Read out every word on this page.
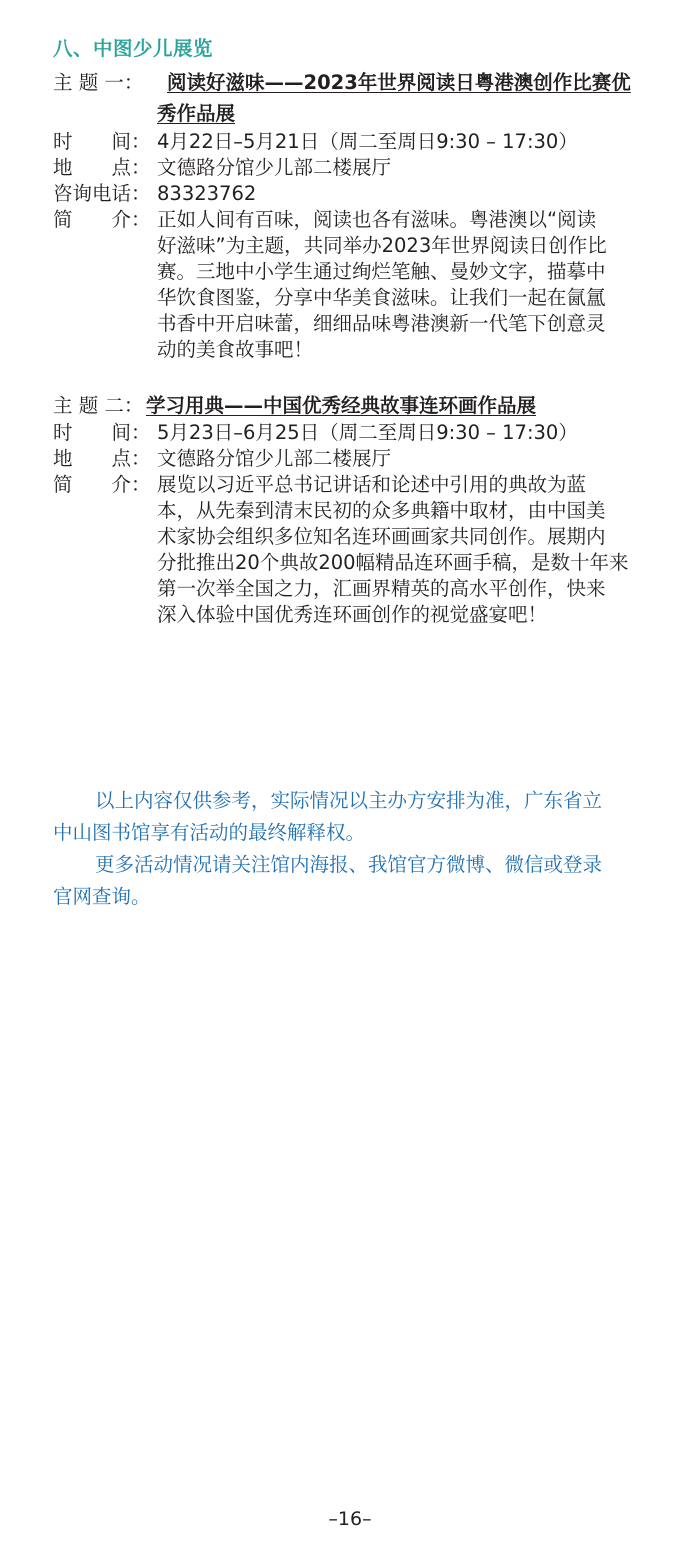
八、中图少儿展览
主 题 一： 阅读好滋味——2023年世界阅读日粤港澳创作比赛优
秀作品展
时　　间： 4月22日–5月21日（周二至周日9:30 – 17:30）
地　　点： 文德路分馆少儿部二楼展厅
咨询电话： 83323762
简　　介： 正如人间有百味，阅读也各有滋味。粤港澳以“阅读
好滋味”为主题，共同举办2023年世界阅读日创作比
赛。三地中小学生通过绚烂笔触、曼妙文字，描摹中
华饮食图鉴，分享中华美食滋味。让我们一起在氤氲
书香中开启味蕾，细细品味粤港澳新一代笔下创意灵
动的美食故事吧！
主 题 二： 学习用典——中国优秀经典故事连环画作品展
时　　间： 5月23日–6月25日（周二至周日9:30 – 17:30）
地　　点： 文德路分馆少儿部二楼展厅
简　　介： 展览以习近平总书记讲话和论述中引用的典故为蓝
本，从先秦到清末民初的众多典籍中取材，由中国美
术家协会组织多位知名连环画画家共同创作。展期内
分批推出20个典故200幅精品连环画手稿，是数十年来
第一次举全国之力，汇画界精英的高水平创作，快来
深入体验中国优秀连环画创作的视觉盛宴吧！
以上内容仅供参考，实际情况以主办方安排为准，广东省立
中山图书馆享有活动的最终解释权。
更多活动情况请关注馆内海报、我馆官方微博、微信或登录
官网查询。
–16–
